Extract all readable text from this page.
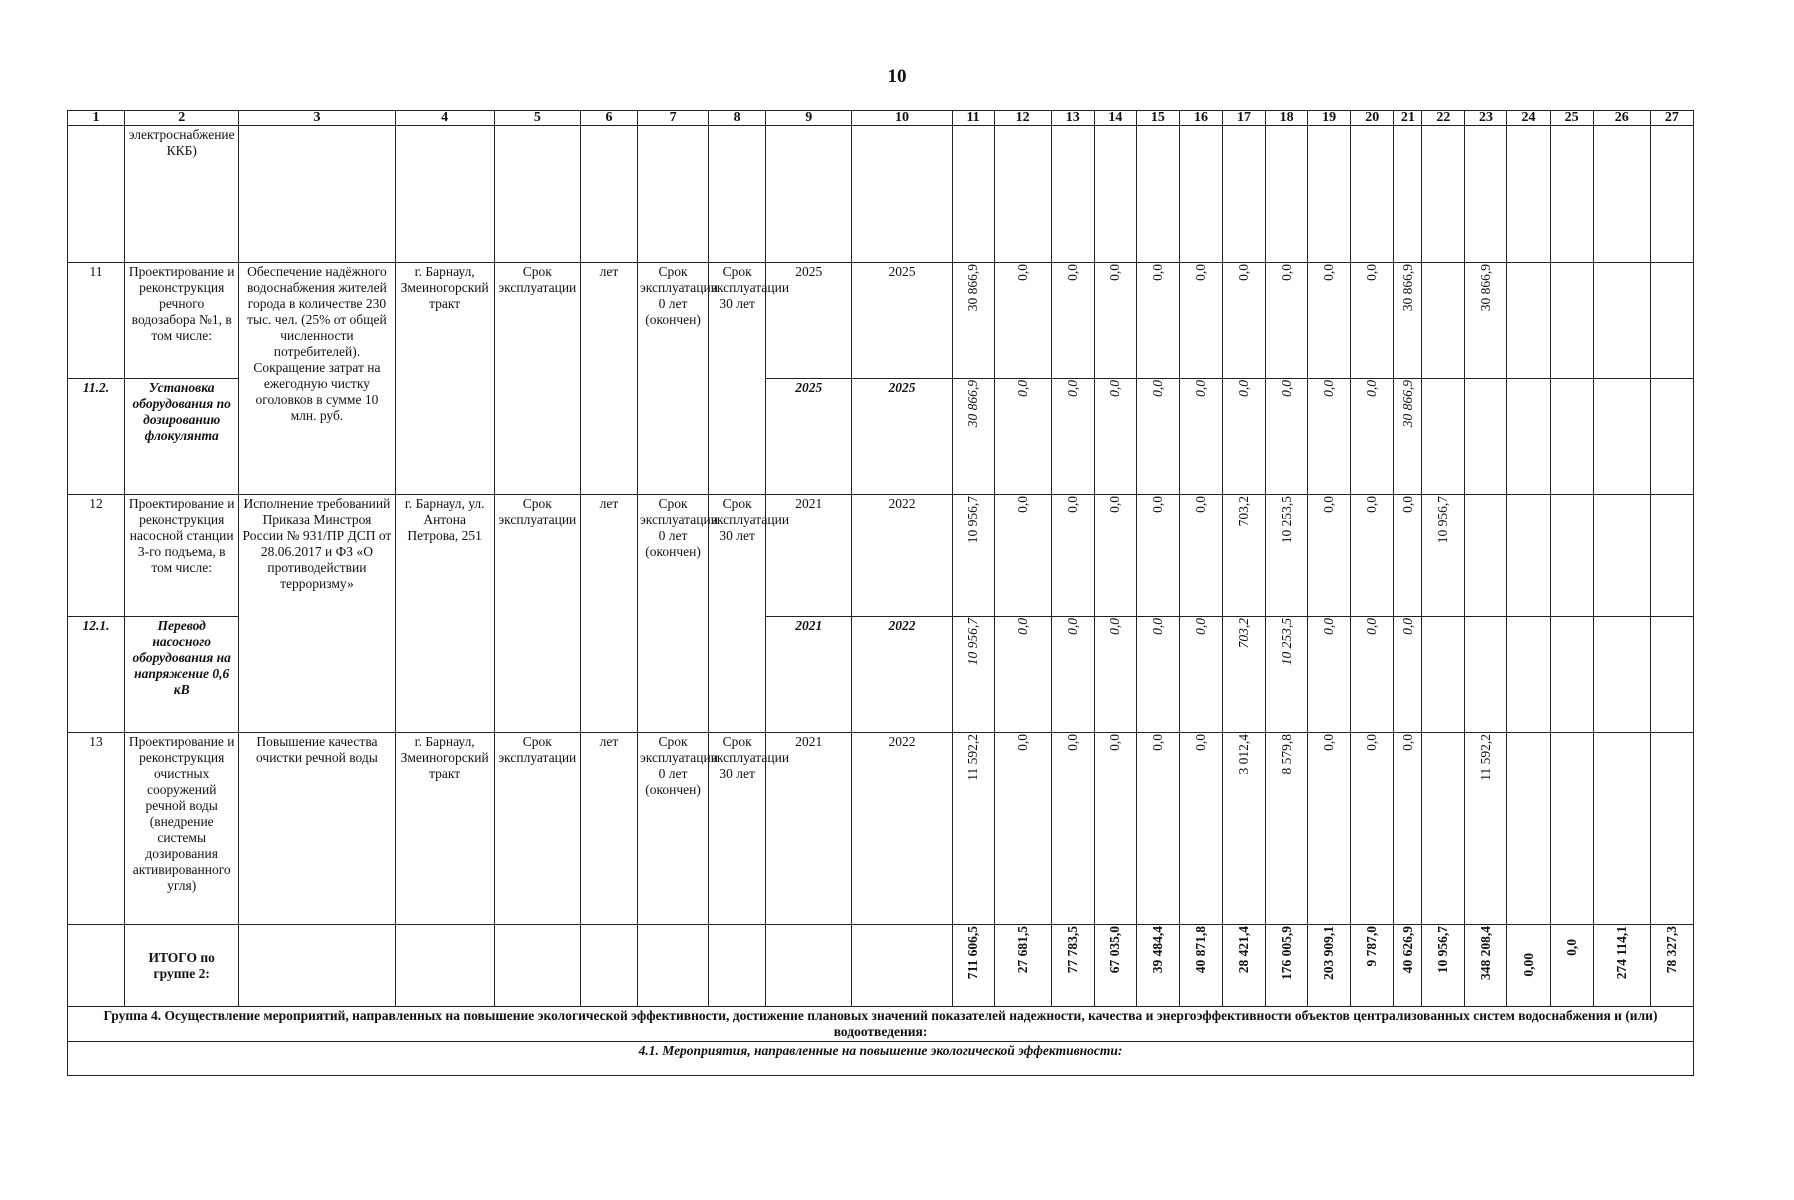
10
1	2	3	4	5	6	7	8	9	10	11	12	13	14	15	16	17	18	19	20	21	22	23	24	25	26	27
	электроснабжение ККБ)																									
11	Проектирование и реконструкция речного водозабора №1, в том числе:	Обеспечение надёжного водоснабжения жителей города в количестве 230 тыс. чел. (25% от общей численности потребителей). Сокращение затрат на ежегодную чистку оголовков в сумме 10 млн. руб.	г. Барнаул, Змеиногорский тракт	Срок эксплуатации	лет	Срок эксплуатации 0 лет (окончен)	Срок эксплуатации 30 лет	2025	2025	30 866,9	0,0	0,0	0,0	0,0	0,0	0,0	0,0	0,0	0,0	30 866,9		30 866,9				
11.2.	Установка оборудования по дозированию флокулянта							2025	2025	30 866,9	0,0	0,0	0,0	0,0	0,0	0,0	0,0	0,0	0,0	30 866,9						
12	Проектирование и реконструкция насосной станции 3-го подъема, в том числе:	Исполнение требованиий Приказа Минстроя России № 931/ПР ДСП от 28.06.2017 и ФЗ «О противодействии терроризму»	г. Барнаул, ул. Антона Петрова, 251	Срок эксплуатации	лет	Срок эксплуатации 0 лет (окончен)	Срок эксплуатации 30 лет	2021	2022	10 956,7	0,0	0,0	0,0	0,0	0,0	703,2	10 253,5	0,0	0,0	0,0	10 956,7					
12.1.	Перевод насосного оборудования на напряжение 0,6 кВ							2021	2022	10 956,7	0,0	0,0	0,0	0,0	0,0	703,2	10 253,5	0,0	0,0	0,0						
13	Проектирование и реконструкция очистных сооружений речной воды (внедрение системы дозирования активированного угля)	Повышение качества очистки речной воды	г. Барнаул, Змеиногорский тракт	Срок эксплуатации	лет	Срок эксплуатации 0 лет (окончен)	Срок эксплуатации 30 лет	2021	2022	11 592,2	0,0	0,0	0,0	0,0	0,0	3 012,4	8 579,8	0,0	0,0	0,0		11 592,2				
	ИТОГО по группе 2:									711 606,5	27 681,5	77 783,5	67 035,0	39 484,4	40 871,8	28 421,4	176 005,9	203 909,1	9 787,0	40 626,9	10 956,7	348 208,4	0,00	0,0	274 114,1	78 327,3
Группа 4. Осуществление мероприятий, направленных на повышение экологической эффективности, достижение плановых значений показателей надежности, качества и энергоэффективности объектов централизованных систем водоснабжения и (или) водоотведения:																										
4.1. Мероприятия, направленные на повышение экологической эффективности:																										
